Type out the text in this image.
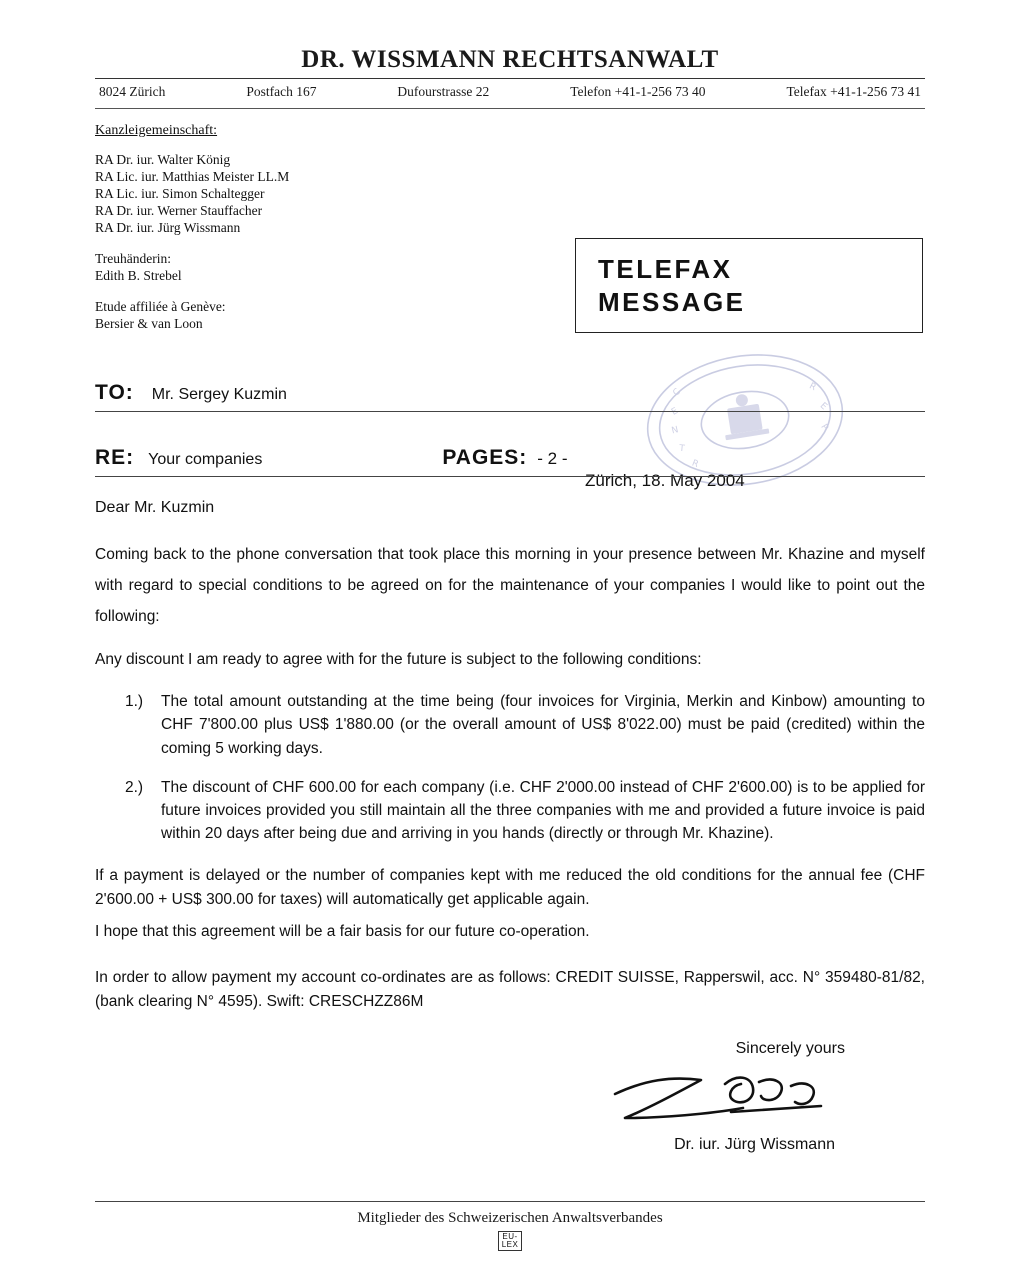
DR. WISSMANN RECHTSANWALT
8024 Zürich	Postfach 167	Dufourstrasse 22	Telefon +41-1-256 73 40	Telefax +41-1-256 73 41
Kanzleigemeinschaft:
RA Dr. iur. Walter König
RA Lic. iur. Matthias Meister LL.M
RA Lic. iur. Simon Schaltegger
RA Dr. iur. Werner Stauffacher
RA Dr. iur. Jürg Wissmann
Treuhänderin:
Edith B. Strebel
Etude affiliée à Genève:
Bersier & van Loon
TELEFAX
MESSAGE
C
E
N
T
R
R
E
P
Zürich, 18. May 2004
TO: Mr. Sergey Kuzmin
RE: Your companies	PAGES: - 2 -
Dear Mr. Kuzmin
Coming back to the phone conversation that took place this morning in your presence between Mr. Khazine and myself with regard to special conditions to be agreed on for the maintenance of your companies I would like to point out the following:
Any discount I am ready to agree with for the future is subject to the following conditions:
1.) The total amount outstanding at the time being (four invoices for Virginia, Merkin and Kinbow) amounting to CHF 7'800.00 plus US$ 1'880.00 (or the overall amount of US$ 8'022.00) must be paid (credited) within the coming 5 working days.
2.) The discount of CHF 600.00 for each company (i.e. CHF 2'000.00 instead of CHF 2'600.00) is to be applied for future invoices provided you still maintain all the three companies with me and provided a future invoice is paid within 20 days after being due and arriving in you hands (directly or through Mr. Khazine).
If a payment is delayed or the number of companies kept with me reduced the old conditions for the annual fee (CHF 2'600.00 + US$ 300.00 for taxes) will automatically get applicable again.
I hope that this agreement will be a fair basis for our future co-operation.
In order to allow payment my account co-ordinates are as follows: CREDIT SUISSE, Rapperswil, acc. N° 359480-81/82, (bank clearing N° 4595). Swift: CRESCHZZ86M
Sincerely yours
Dr. iur. Jürg Wissmann
Mitglieder des Schweizerischen Anwaltsverbandes
EU-
LEX
